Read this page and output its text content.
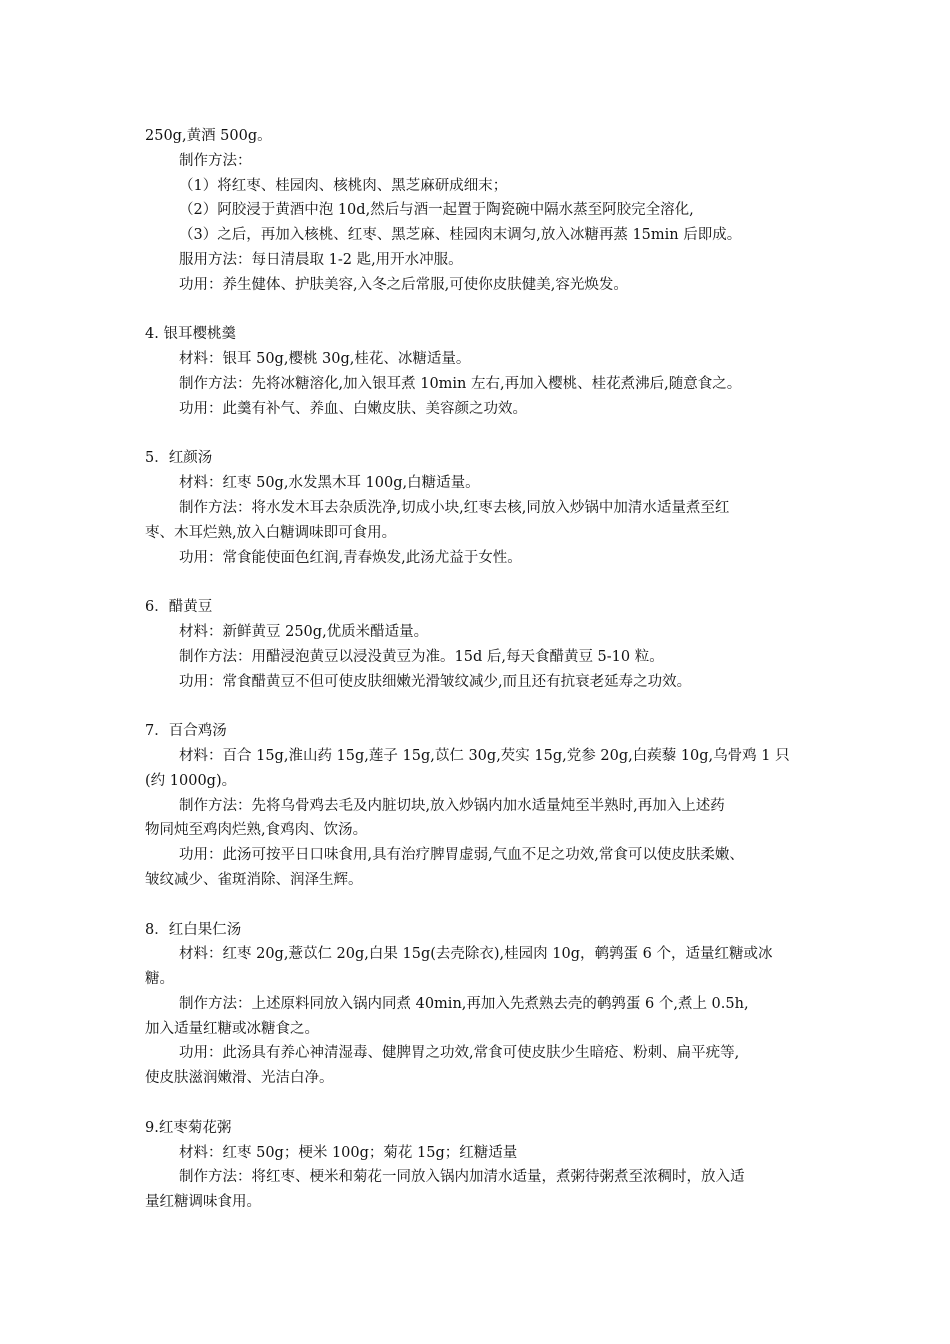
250g,黄酒 500g。
制作方法：
（1）将红枣、桂园肉、核桃肉、黑芝麻研成细末；
（2）阿胶浸于黄酒中泡 10d,然后与酒一起置于陶瓷碗中隔水蒸至阿胶完全溶化,
（3）之后，再加入核桃、红枣、黑芝麻、桂园肉末调匀,放入冰糖再蒸 15min 后即成。
服用方法：每日清晨取 1-2 匙,用开水冲服。
功用：养生健体、护肤美容,入冬之后常服,可使你皮肤健美,容光焕发。
4. 银耳樱桃羹
材料：银耳 50g,樱桃 30g,桂花、冰糖适量。
制作方法：先将冰糖溶化,加入银耳煮 10min 左右,再加入樱桃、桂花煮沸后,随意食之。
功用：此羹有补气、养血、白嫩皮肤、美容颜之功效。
5．红颜汤
材料：红枣 50g,水发黑木耳 100g,白糖适量。
制作方法：将水发木耳去杂质洗净,切成小块,红枣去核,同放入炒锅中加清水适量煮至红
枣、木耳烂熟,放入白糖调味即可食用。
功用：常食能使面色红润,青春焕发,此汤尤益于女性。
6．醋黄豆
材料：新鲜黄豆 250g,优质米醋适量。
制作方法：用醋浸泡黄豆以浸没黄豆为准。15d 后,每天食醋黄豆 5-10 粒。
功用：常食醋黄豆不但可使皮肤细嫩光滑皱纹减少,而且还有抗衰老延寿之功效。
7．百合鸡汤
材料：百合 15g,淮山药 15g,莲子 15g,苡仁 30g,芡实 15g,党参 20g,白蒺藜 10g,乌骨鸡 1 只
(约 1000g)。
制作方法：先将乌骨鸡去毛及内脏切块,放入炒锅内加水适量炖至半熟时,再加入上述药
物同炖至鸡肉烂熟,食鸡肉、饮汤。
功用：此汤可按平日口味食用,具有治疗脾胃虚弱,气血不足之功效,常食可以使皮肤柔嫩、
皱纹减少、雀斑消除、润泽生辉。
8．红白果仁汤
材料：红枣 20g,薏苡仁 20g,白果 15g(去壳除衣),桂园肉 10g，鹌鹑蛋 6 个，适量红糖或冰
糖。
制作方法：上述原料同放入锅内同煮 40min,再加入先煮熟去壳的鹌鹑蛋 6 个,煮上 0.5h,
加入适量红糖或冰糖食之。
功用：此汤具有养心神清湿毒、健脾胃之功效,常食可使皮肤少生暗疮、粉刺、扁平疣等,
使皮肤滋润嫩滑、光洁白净。
9.红枣菊花粥
材料：红枣 50g；梗米 100g；菊花 15g；红糖适量
制作方法：将红枣、梗米和菊花一同放入锅内加清水适量，煮粥待粥煮至浓稠时，放入适
量红糖调味食用。
